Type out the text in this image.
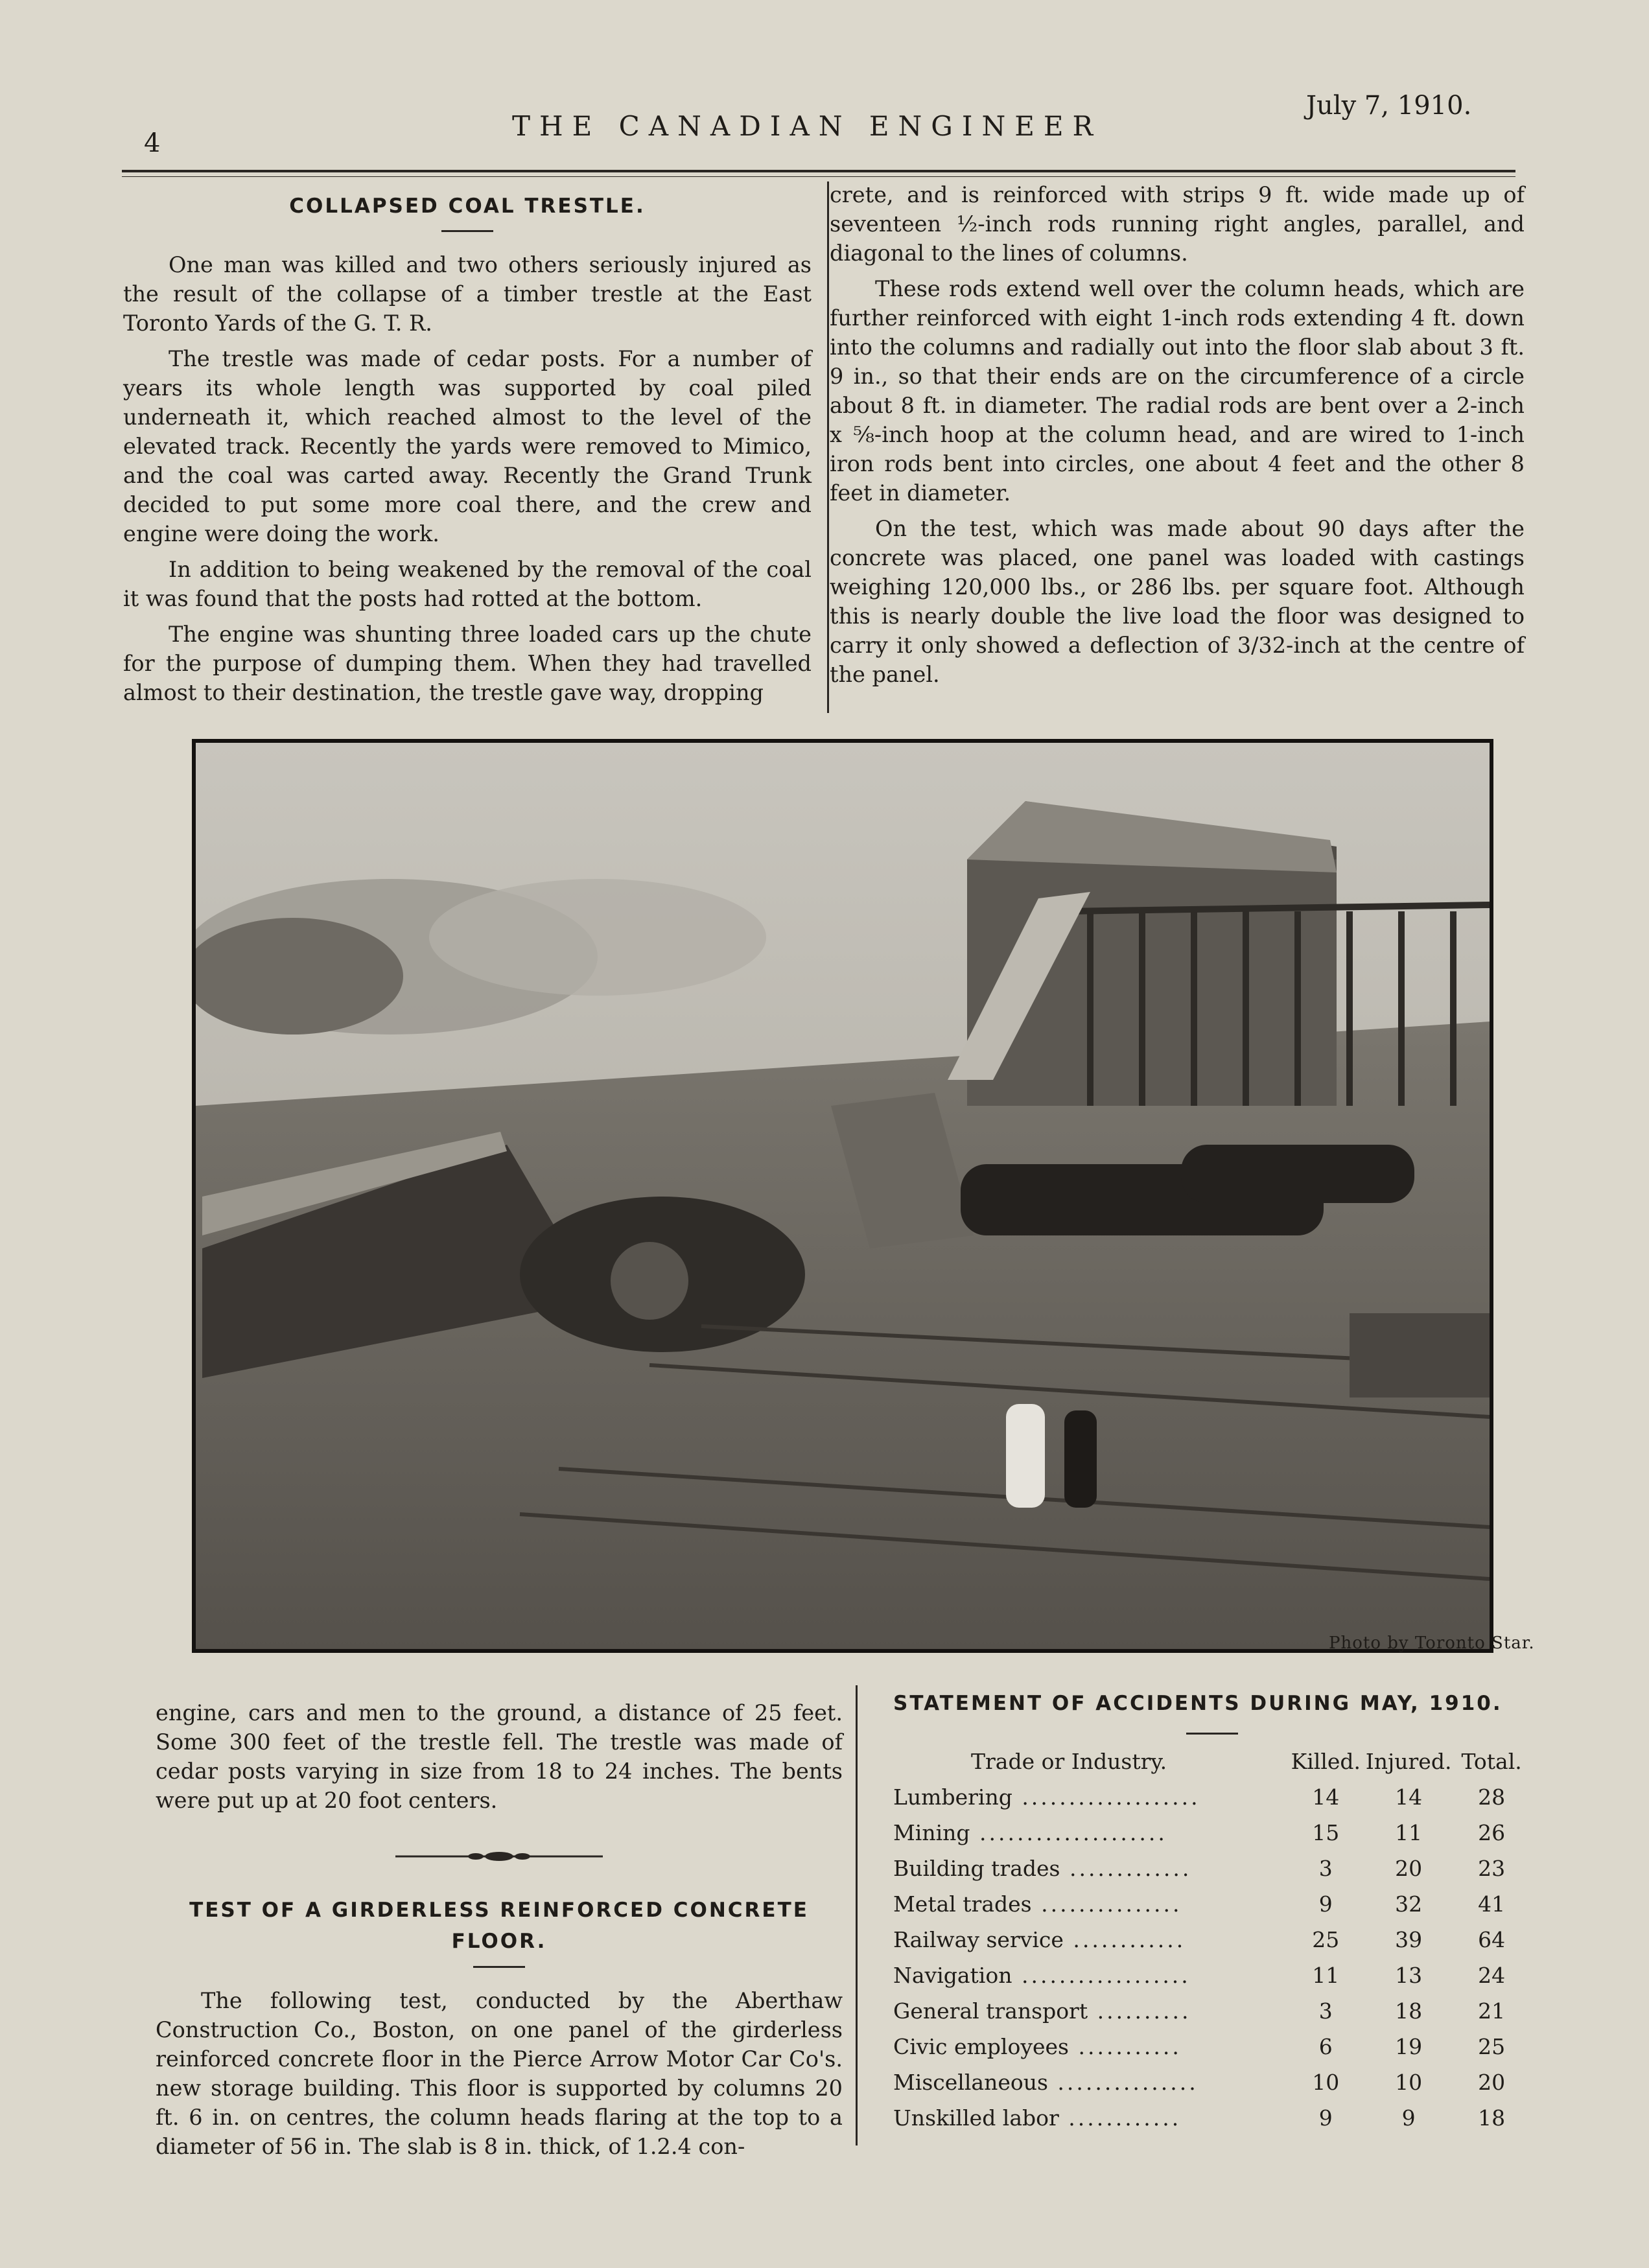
4
THE CANADIAN ENGINEER
July 7, 1910.
COLLAPSED COAL TRESTLE.

One man was killed and two others seriously injured as the result of the collapse of a timber trestle at the East Toronto Yards of the G. T. R.

The trestle was made of cedar posts. For a number of years its whole length was supported by coal piled underneath it, which reached almost to the level of the elevated track. Recently the yards were removed to Mimico, and the coal was carted away. Recently the Grand Trunk decided to put some more coal there, and the crew and engine were doing the work.

In addition to being weakened by the removal of the coal it was found that the posts had rotted at the bottom.

The engine was shunting three loaded cars up the chute for the purpose of dumping them. When they had travelled almost to their destination, the trestle gave way, dropping

crete, and is reinforced with strips 9 ft. wide made up of seventeen ½-inch rods running right angles, parallel, and diagonal to the lines of columns.

These rods extend well over the column heads, which are further reinforced with eight 1-inch rods extending 4 ft. down into the columns and radially out into the floor slab about 3 ft. 9 in., so that their ends are on the circumference of a circle about 8 ft. in diameter. The radial rods are bent over a 2-inch x ⅝-inch hoop at the column head, and are wired to 1-inch iron rods bent into circles, one about 4 feet and the other 8 feet in diameter.

On the test, which was made about 90 days after the concrete was placed, one panel was loaded with castings weighing 120,000 lbs., or 286 lbs. per square foot. Although this is nearly double the live load the floor was designed to carry it only showed a deflection of 3/32-inch at the centre of the panel.

Photo by Toronto Star.

engine, cars and men to the ground, a distance of 25 feet. Some 300 feet of the trestle fell. The trestle was made of cedar posts varying in size from 18 to 24 inches. The bents were put up at 20 foot centers.

TEST OF A GIRDERLESS REINFORCED CONCRETE FLOOR.

The following test, conducted by the Aberthaw Construction Co., Boston, on one panel of the girderless reinforced concrete floor in the Pierce Arrow Motor Car Co's. new storage building. This floor is supported by columns 20 ft. 6 in. on centres, the column heads flaring at the top to a diameter of 56 in. The slab is 8 in. thick, of 1.2.4 con-

STATEMENT OF ACCIDENTS DURING MAY, 1910.
Trade or Industry.	Killed.	Injured.	Total.
Lumbering ...................	14	14	28
Mining ....................	15	11	26
Building trades .............	3	20	23
Metal trades ...............	9	32	41
Railway service ............	25	39	64
Navigation ..................	11	13	24
General transport ..........	3	18	21
Civic employees ...........	6	19	25
Miscellaneous ...............	10	10	20
Unskilled labor ............	9	9	18
